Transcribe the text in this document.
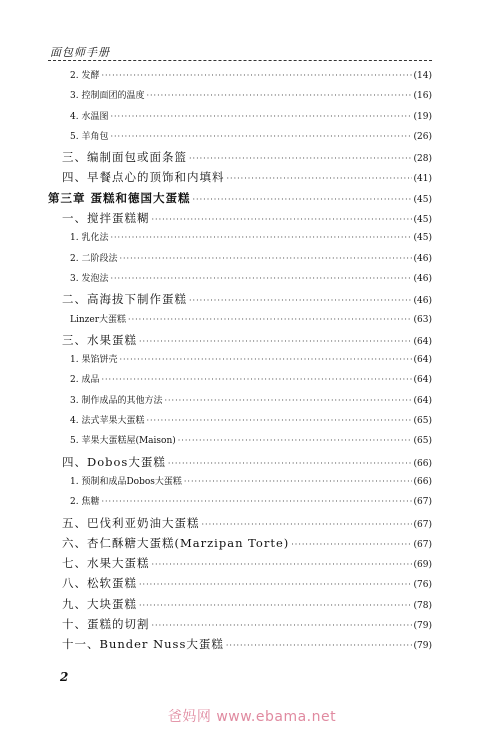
面包师手册
2. 发酵 ·····	(14)
3. 控制面团的温度 ·····	(16)
4. 水温图 ·····	(19)
5. 羊角包 ·····	(26)
三、编制面包或面条篮 ·····	(28)
四、早餐点心的顶饰和内填料 ·····	(41)
第三章 蛋糕和德国大蛋糕 ·····	(45)
一、搅拌蛋糕糊 ·····	(45)
1. 乳化法 ·····	(45)
2. 二阶段法 ·····	(46)
3. 发泡法 ·····	(46)
二、高海拔下制作蛋糕 ·····	(46)
Linzer大蛋糕 ·····	(63)
三、水果蛋糕 ·····	(64)
1. 果馅饼壳 ·····	(64)
2. 成品 ·····	(64)
3. 制作成品的其他方法 ·····	(64)
4. 法式苹果大蛋糕 ·····	(65)
5. 苹果大蛋糕屋(Maison) ·····	(65)
四、Dobos大蛋糕 ·····	(66)
1. 预制和成品Dobos大蛋糕 ·····	(66)
2. 焦糖 ·····	(67)
五、巴伐利亚奶油大蛋糕 ·····	(67)
六、杏仁酥糖大蛋糕(Marzipan Torte) ·····	(67)
七、水果大蛋糕 ·····	(69)
八、松软蛋糕 ·····	(76)
九、大块蛋糕 ·····	(78)
十、蛋糕的切割 ·····	(79)
十一、Bunder Nuss大蛋糕 ·····	(79)
2
爸妈网 www.ebama.net
